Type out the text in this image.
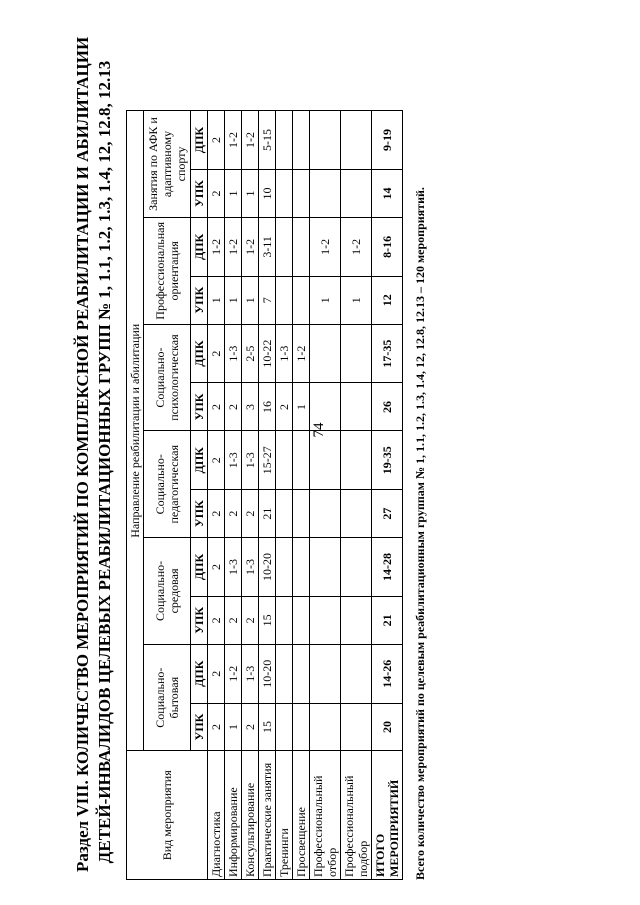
74
Раздел VIII. КОЛИЧЕСТВО МЕРОПРИЯТИЙ ПО КОМПЛЕКСНОЙ РЕАБИЛИТАЦИИ И АБИЛИТАЦИИ ДЕТЕЙ-ИНВАЛИДОВ ЦЕЛЕВЫХ РЕАБИЛИТАЦИОННЫХ ГРУПП № 1, 1.1, 1.2, 1.3, 1.4, 12, 12.8, 12.13	Вид мероприятия	Направление реабилитации и абилитации											
	Социально-бытовая		Социально-средовая		Социально-педагогическая		Социально-психологическая		Профессиональная ориентация		Занятия по АФК и адаптивному спорту	
	УПК	ДПК	УПК	ДПК	УПК	ДПК	УПК	ДПК	УПК	ДПК	УПК	ДПК
Диагностика	2	2	2	2	2	2	2	2	1	1-2	2	2
Информирование	1	1-2	2	1-3	2	1-3	2	1-3	1	1-2	1	1-2
Консультирование	2	1-3	2	1-3	2	1-3	3	2-5	1	1-2	1	1-2
Практические занятия	15	10-20	15	10-20	21	15-27	16	10-22	7	3-11	10	5-15
Тренинги							2	1-3				
Просвещение							1	1-2				
Профессиональный отбор									1	1-2		
Профессиональный подбор									1	1-2		
ИТОГО МЕРОПРИЯТИЙ	20	14-26	21	14-28	27	19-35	26	17-35	12	8-16	14	9-19
Всего количество мероприятий по целевым реабилитационным группам № 1, 1.1, 1.2, 1.3, 1.4, 12, 12.8, 12.13 – 120 мероприятий.
